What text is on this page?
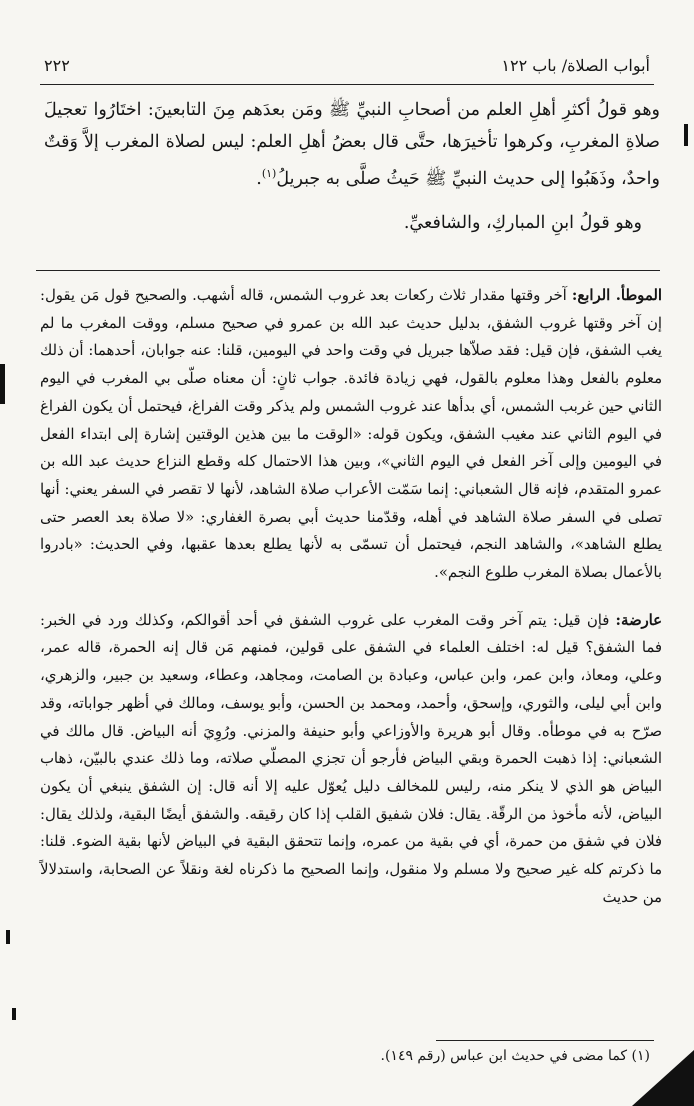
أبواب الصلاة/ باب ١٢٢
٢٢٢

وهو قولُ أكثرِ أهلِ العلم من أصحابِ النبيِّ ﷺ ومَن بعدَهم مِنَ التابعينَ: اختَارُوا تعجيلَ صلاةِ المغربِ، وكرهوا تأخيرَها، حتَّى قال بعضُ أهلِ العلم: ليس لصلاة المغرب إلاَّ وَقتٌ واحدٌ، وذَهَبُوا إلى حديث النبيِّ ﷺ حَيثُ صلَّى به جبريلُ$^{(١)}$.

وهو قولُ ابنِ المباركِ، والشافعيِّ.

الموطأ. الرابع: آخر وقتها مقدار ثلاث ركعات بعد غروب الشمس، قاله أشهب. والصحيح قول مَن يقول: إن آخر وقتها غروب الشفق، بدليل حديث عبد الله بن عمرو في صحيح مسلم، ووقت المغرب ما لم يغب الشفق، فإن قيل: فقد صلاّها جبريل في وقت واحد في اليومين، قلنا: عنه جوابان، أحدهما: أن ذلك معلوم بالفعل وهذا معلوم بالقول، فهي زيادة فائدة. جواب ثانٍ: أن معناه صلّى بي المغرب في اليوم الثاني حين غربب الشمس، أي بدأها عند غروب الشمس ولم يذكر وقت الفراغ، فيحتمل أن يكون الفراغ في اليوم الثاني عند مغيب الشفق، ويكون قوله: «الوقت ما بين هذين الوقتين إشارة إلى ابتداء الفعل في اليومين وإلى آخر الفعل في اليوم الثاني»، وبين هذا الاحتمال كله وقطع النزاع حديث عبد الله بن عمرو المتقدم، فإنه قال الشعباني: إنما سَمّت الأعراب صلاة الشاهد، لأنها لا تقصر في السفر يعني: أنها تصلى في السفر صلاة الشاهد في أهله، وقدّمنا حديث أبي بصرة الغفاري: «لا صلاة بعد العصر حتى يطلع الشاهد»، والشاهد النجم، فيحتمل أن تسمّى به لأنها يطلع بعدها عقبها، وفي الحديث: «بادروا بالأعمال بصلاة المغرب طلوع النجم».

عارضة: فإن قيل: يتم آخر وقت المغرب على غروب الشفق في أحد أقوالكم، وكذلك ورد في الخبر: فما الشفق؟ قيل له: اختلف العلماء في الشفق على قولين، فمنهم مَن قال إنه الحمرة، قاله عمر، وعلي، ومعاذ، وابن عمر، وابن عباس، وعبادة بن الصامت، ومجاهد، وعطاء، وسعيد بن جبير، والزهري، وابن أبي ليلى، والثوري، وإسحق، وأحمد، ومحمد بن الحسن، وأبو يوسف، ومالك في أظهر جواباته، وقد صرّح به في موطأه. وقال أبو هريرة والأوزاعي وأبو حنيفة والمزني. ورُوِيَ أنه البياض. قال مالك في الشعباني: إذا ذهبت الحمرة وبقي البياض فأرجو أن تجزي المصلّي صلاته، وما ذلك عندي بالبيّن، ذهاب البياض هو الذي لا ينكر منه، رليس للمخالف دليل يُعوّل عليه إلا أنه قال: إن الشفق ينبغي أن يكون البياض، لأنه مأخوذ من الرقّة. يقال: فلان شفيق القلب إذا كان رقيقه. والشفق أيضًا البقية، ولذلك يقال: فلان في شفق من حمرة، أي في بقية من عمره، وإنما تتحقق البقية في البياض لأنها بقية الضوء. قلنا: ما ذكرتم كله غير صحيح ولا مسلم ولا منقول، وإنما الصحيح ما ذكرناه لغة ونقلاً عن الصحابة، واستدلالاً من حديث

(١) كما مضى في حديث ابن عباس (رقم ١٤٩).
